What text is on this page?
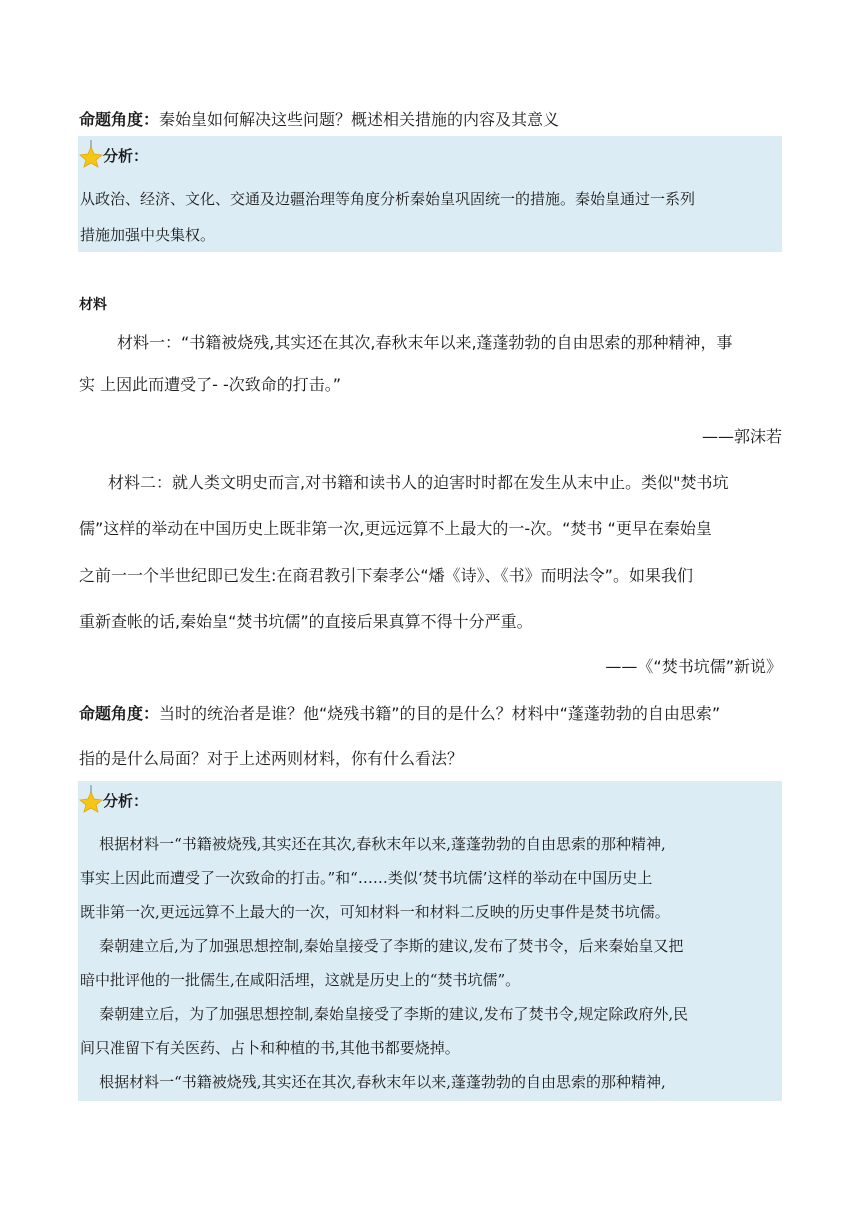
命题角度：秦始皇如何解决这些问题？概述相关措施的内容及其意义
分析：
从政治、经济、文化、交通及边疆治理等角度分析秦始皇巩固统一的措施。秦始皇通过一系列
措施加强中央集权。
材料
材料一：“书籍被烧残,其实还在其次,春秋末年以来,蓬蓬勃勃的自由思索的那种精神，事
实 上因此而遭受了- -次致命的打击。”
——郭沫若
材料二：就人类文明史而言,对书籍和读书人的迫害时时都在发生从末中止。类似"焚书坑
儒”这样的举动在中国历史上既非第一次,更远远算不上最大的一-次。“焚书 “更早在秦始皇
之前一一个半世纪即已发生:在商君教引下秦孝公“燔《诗》、《书》而明法令”。如果我们
重新查帐的话,秦始皇“焚书坑儒”的直接后果真算不得十分严重。
——《“焚书坑儒”新说》
命题角度：当时的统治者是谁？他“烧残书籍”的目的是什么？材料中“蓬蓬勃勃的自由思索”
指的是什么局面？对于上述两则材料，你有什么看法？
分析：
根据材料一“书籍被烧残,其实还在其次,春秋末年以来,蓬蓬勃勃的自由思索的那种精神,
事实上因此而遭受了一次致命的打击。”和“……类似‘焚书坑儒’这样的举动在中国历史上
既非第一次,更远远算不上最大的一次，可知材料一和材料二反映的历史事件是焚书坑儒。
秦朝建立后,为了加强思想控制,秦始皇接受了李斯的建议,发布了焚书令，后来秦始皇又把
暗中批评他的一批儒生,在咸阳活埋，这就是历史上的“焚书坑儒”。
秦朝建立后，为了加强思想控制,秦始皇接受了李斯的建议,发布了焚书令,规定除政府外,民
间只准留下有关医药、占卜和种植的书,其他书都要烧掉。
根据材料一“书籍被烧残,其实还在其次,春秋末年以来,蓬蓬勃勃的自由思索的那种精神,
